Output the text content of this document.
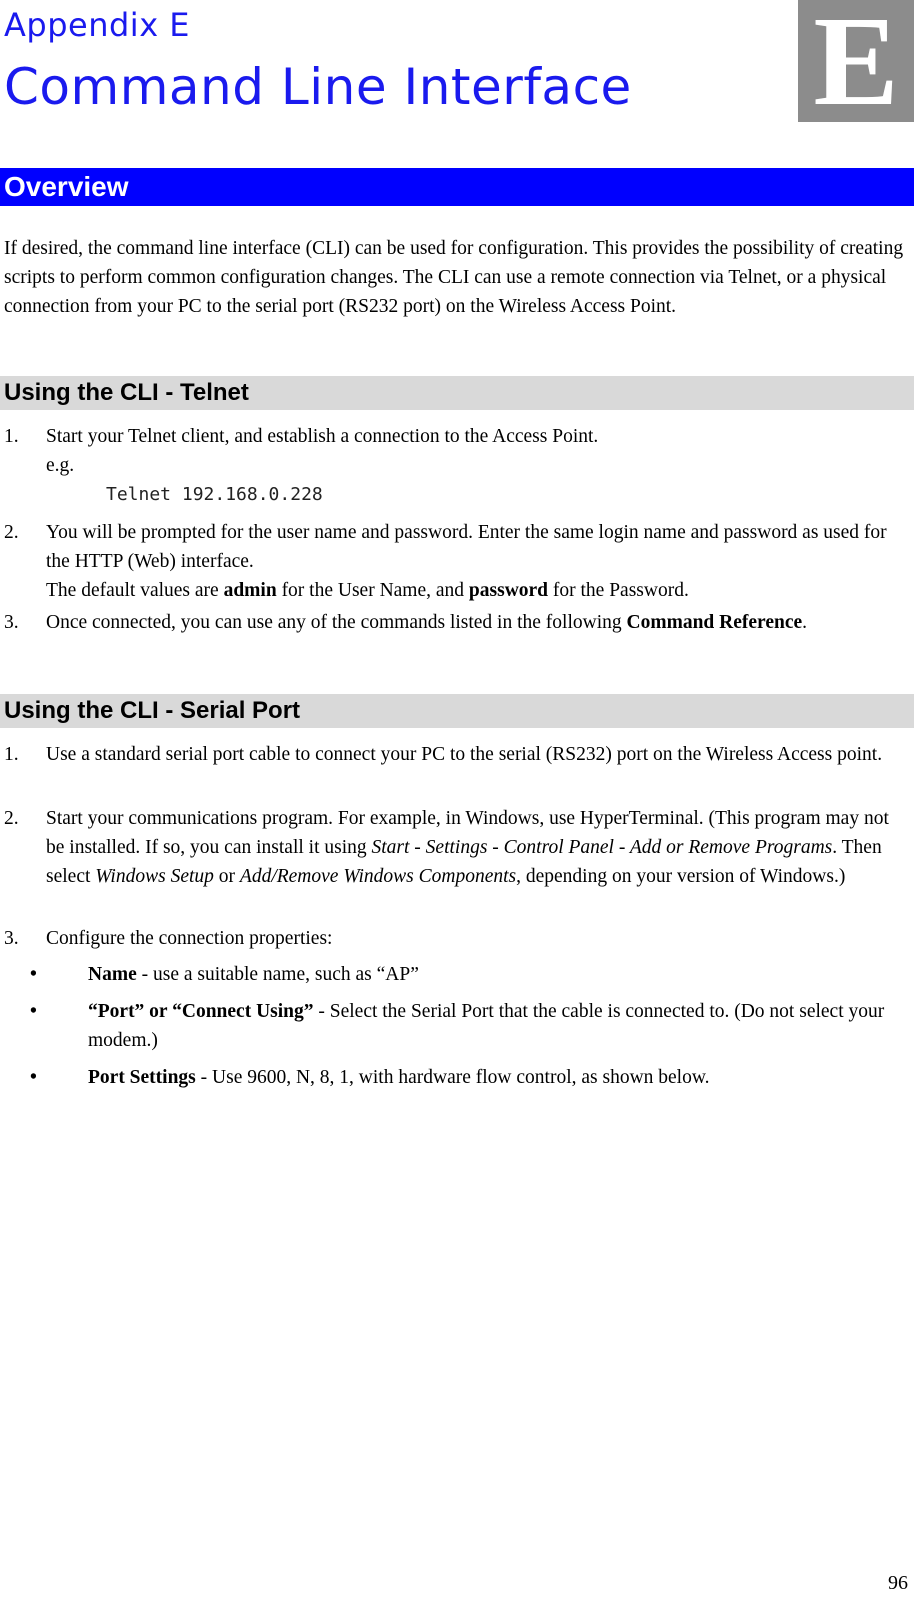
Appendix E
Command Line Interface E
Overview
If desired, the command line interface (CLI) can be used for configuration. This provides the possibility of creating scripts to perform common configuration changes. The CLI can use a remote connection via Telnet, or a physical connection from your PC to the serial port (RS232 port) on the Wireless Access Point.
Using the CLI - Telnet
1. Start your Telnet client, and establish a connection to the Access Point.
e.g.
Telnet 192.168.0.228
2. You will be prompted for the user name and password. Enter the same login name and password as used for the HTTP (Web) interface.
The default values are admin for the User Name, and password for the Password.
3. Once connected, you can use any of the commands listed in the following Command Reference.
Using the CLI - Serial Port
1. Use a standard serial port cable to connect your PC to the serial (RS232) port on the Wireless Access point.
2. Start your communications program. For example, in Windows, use HyperTerminal. (This program may not be installed. If so, you can install it using Start - Settings - Control Panel - Add or Remove Programs. Then select Windows Setup or Add/Remove Windows Components, depending on your version of Windows.)
3. Configure the connection properties:
•	Name - use a suitable name, such as “AP”
•	“Port” or “Connect Using” - Select the Serial Port that the cable is connected to. (Do not select your modem.)
•	Port Settings - Use 9600, N, 8, 1, with hardware flow control, as shown below.
96
